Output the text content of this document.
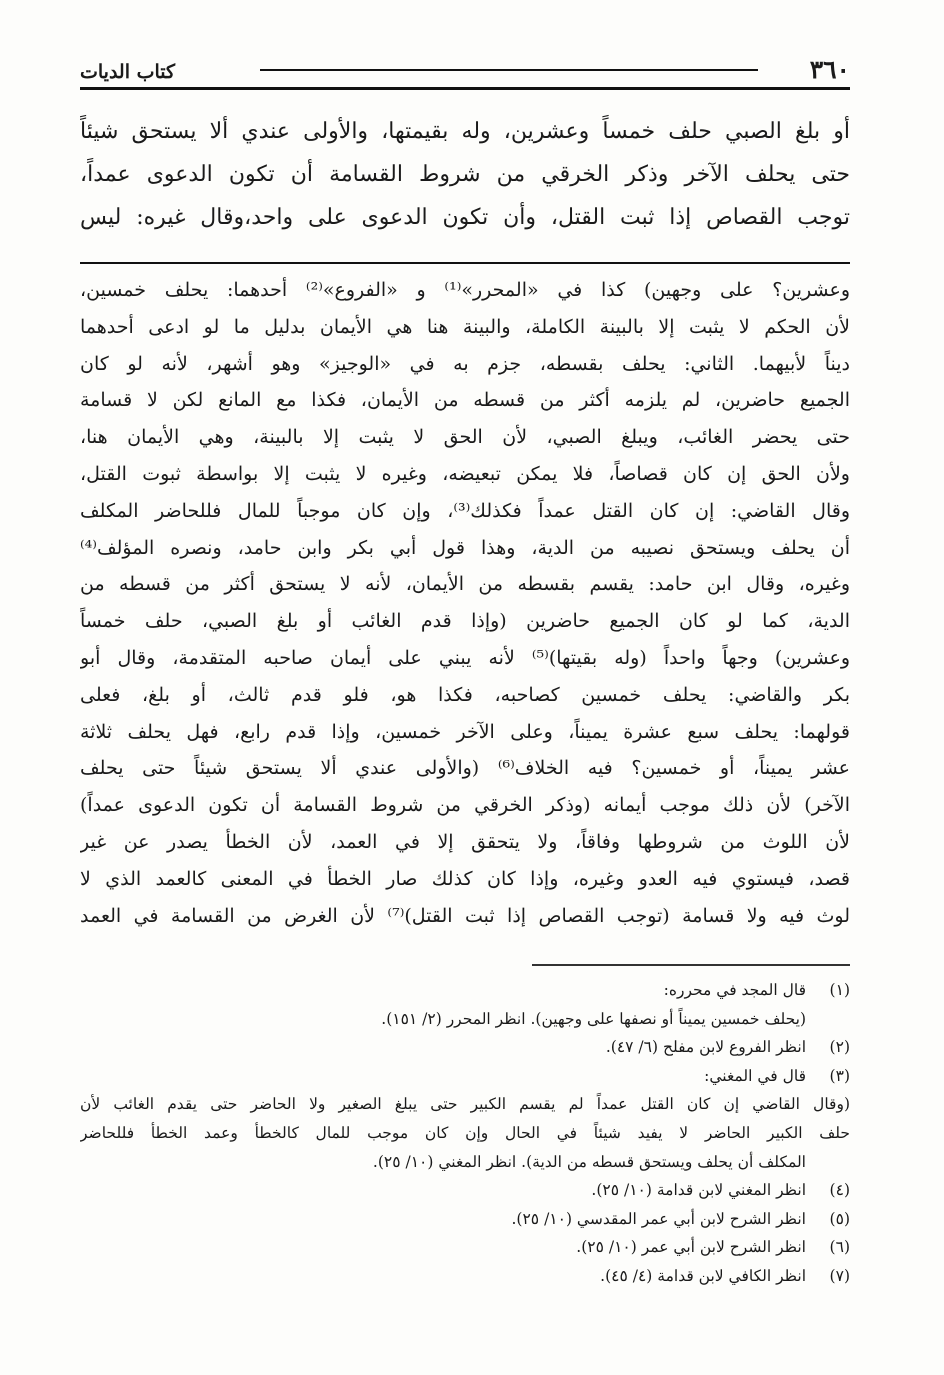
٣٦٠
كتاب الديات
أو بلغ الصبي حلف خمساً وعشرين، وله بقيمتها، والأولى عندي ألا يستحق شيئاً
حتى يحلف الآخر وذكر الخرقي من شروط القسامة أن تكون الدعوى عمداً،
توجب القصاص إذا ثبت القتل، وأن تكون الدعوى على واحد،وقال غيره: ليس
وعشرين؟ على وجهين) كذا في «المحرر»⁽¹⁾ و «الفروع»⁽²⁾ أحدهما: يحلف خمسين،
لأن الحكم لا يثبت إلا بالبينة الكاملة، والبينة هنا هي الأيمان بدليل ما لو ادعى أحدهما
ديناً لأبيهما. الثاني: يحلف بقسطه، جزم به في «الوجيز» وهو أشهر، لأنه لو كان
الجميع حاضرين، لم يلزمه أكثر من قسطه من الأيمان، فكذا مع المانع لكن لا قسامة
حتى يحضر الغائب، ويبلغ الصبي، لأن الحق لا يثبت إلا بالبينة، وهي الأيمان هنا،
ولأن الحق إن كان قصاصاً، فلا يمكن تبعيضه، وغيره لا يثبت إلا بواسطة ثبوت القتل،
وقال القاضي: إن كان القتل عمداً فكذلك⁽³⁾، وإن كان موجباً للمال فللحاضر المكلف
أن يحلف ويستحق نصيبه من الدية، وهذا قول أبي بكر وابن حامد، ونصره المؤلف⁽⁴⁾
وغيره، وقال ابن حامد: يقسم بقسطه من الأيمان، لأنه لا يستحق أكثر من قسطه من
الدية، كما لو كان الجميع حاضرين (وإذا قدم الغائب أو بلغ الصبي، حلف خمساً
وعشرين) وجهاً واحداً (وله بقيتها)⁽⁵⁾ لأنه يبني على أيمان صاحبه المتقدمة، وقال أبو
بكر والقاضي: يحلف خمسين كصاحبه، فكذا هو، فلو قدم ثالث، أو بلغ، فعلى
قولهما: يحلف سبع عشرة يميناً، وعلى الآخر خمسين، وإذا قدم رابع، فهل يحلف ثلاثة
عشر يميناً، أو خمسين؟ فيه الخلاف⁽⁶⁾ (والأولى عندي ألا يستحق شيئاً حتى يحلف
الآخر) لأن ذلك موجب أيمانه (وذكر الخرقي من شروط القسامة أن تكون الدعوى عمداً)
لأن اللوث من شروطها وفاقاً، ولا يتحقق إلا في العمد، لأن الخطأ يصدر عن غير
قصد، فيستوي فيه العدو وغيره، وإذا كان كذلك صار الخطأ في المعنى كالعمد الذي لا
لوث فيه ولا قسامة (توجب القصاص إذا ثبت القتل)⁽⁷⁾ لأن الغرض من القسامة في العمد
(١)قال المجد في محرره:
(يحلف خمسين يميناً أو نصفها على وجهين). انظر المحرر (٢/ ١٥١).
(٢)انظر الفروع لابن مفلح (٦/ ٤٧).
(٣)قال في المغني:
(وقال القاضي إن كان القتل عمداً لم يقسم الكبير حتى يبلغ الصغير ولا الحاضر حتى يقدم الغائب لأن
حلف الكبير الحاضر لا يفيد شيئاً في الحال وإن كان موجب للمال كالخطأ وعمد الخطأ فللحاضر
المكلف أن يحلف ويستحق قسطه من الدية). انظر المغني (١٠/ ٢٥).
(٤)انظر المغني لابن قدامة (١٠/ ٢٥).
(٥)انظر الشرح لابن أبي عمر المقدسي (١٠/ ٢٥).
(٦)انظر الشرح لابن أبي عمر (١٠/ ٢٥).
(٧)انظر الكافي لابن قدامة (٤/ ٤٥).
